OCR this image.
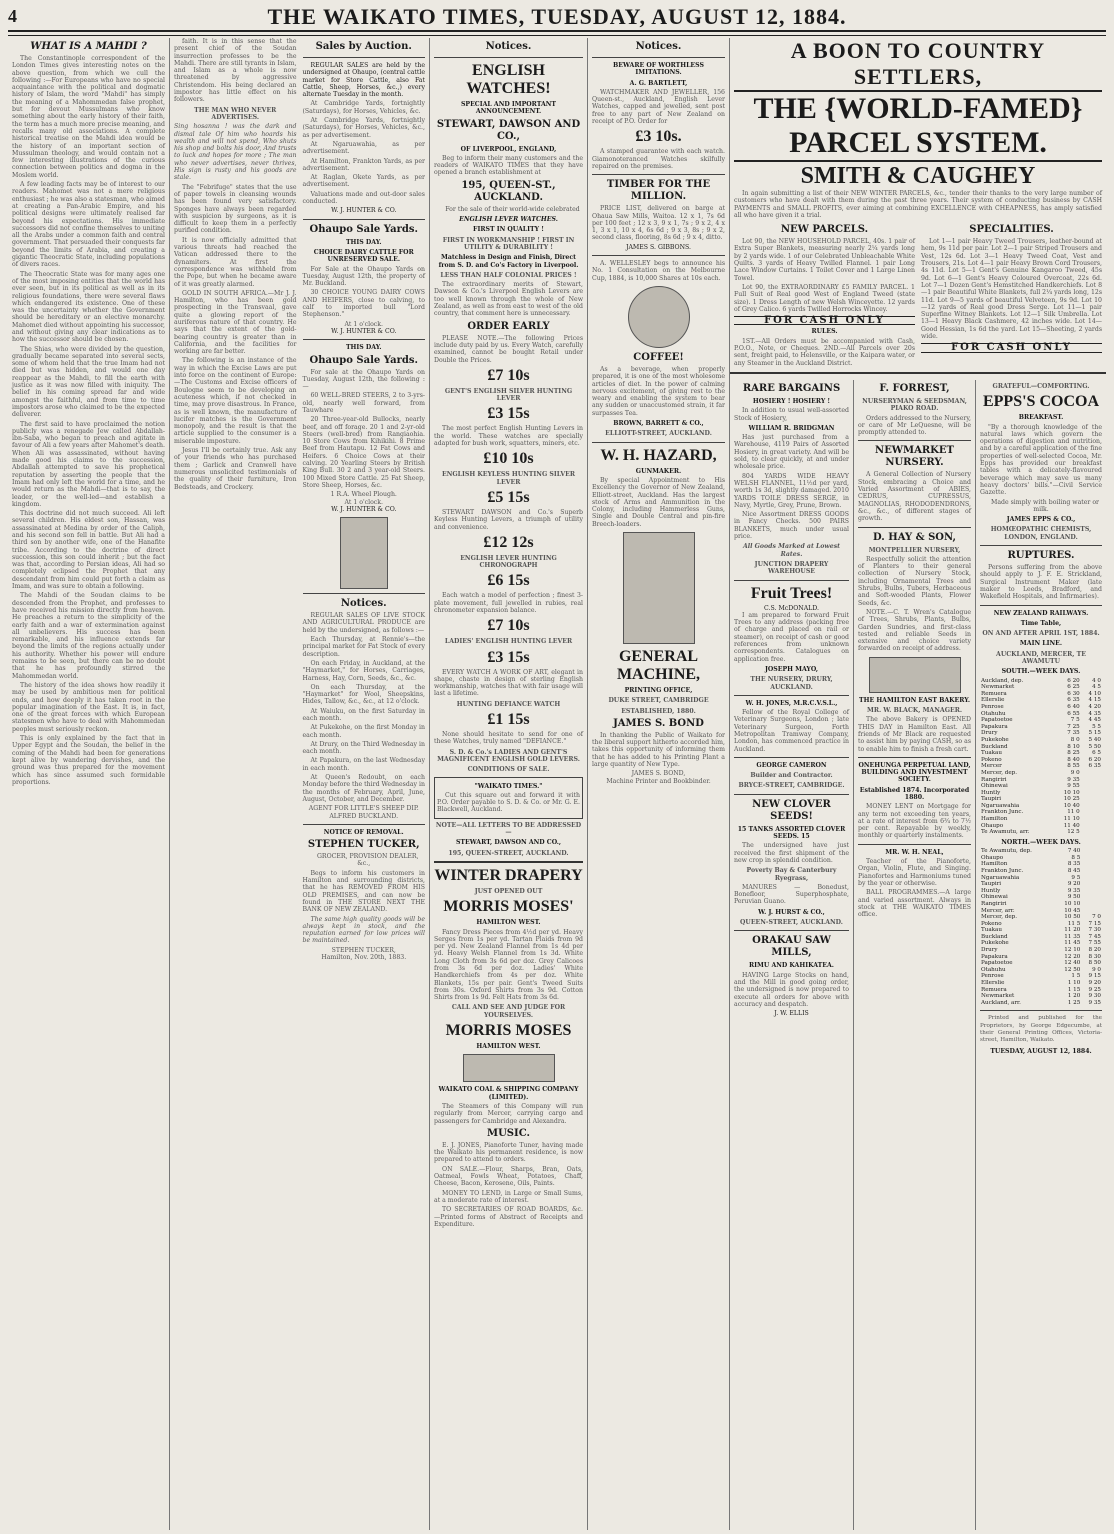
4	THE WAIKATO TIMES, TUESDAY, AUGUST 12, 1884.
WHAT IS A MAHDI ?

The Constantinople correspondent of the London Times gives interesting notes on the above question, from which we cull the following :—For Europeans who have no special acquaintance with the political and dogmatic history of Islam, the word "Mahdi" has simply the meaning of a Mahommedan false prophet, but for devout Mussulmans who know something about the early history of their faith, the term has a much more precise meaning, and recalls many old associations. A complete historical treatise on the Mahdi idea would be the history of an important section of Mussulman theology, and would contain not a few interesting illustrations of the curious connection between politics and dogma in the Moslem world.

A few leading facts may be of interest to our readers. Mahomet was not a mere religious enthusiast ; he was also a statesman, who aimed at creating a Pan-Arabic Empire, and his political designs were ultimately realised far beyond his expectations. His immediate successors did not confine themselves to uniting all the Arabs under a common faith and central government. That persuaded their conquests far beyond the limits of Arabia, and creating a gigantic Theocratic State, including populations of divers races.

The Theocratic State was for many ages one of the most imposing entities that the world has ever seen, but in its political as well as in its religious foundations, there were several flaws which endangered its existence. One of these was the uncertainty whether the Government should be hereditary or an elective monarchy. Mahomet died without appointing his successor, and without giving any clear indications as to how the successor should be chosen.

The Shias, who were divided by the question, gradually became separated into several sects, some of whom held that the true Imam had not died but was hidden, and would one day reappear as the Mahdi, to fill the earth with justice as it was now filled with iniquity. The belief in his coming spread far and wide amongst the faithful, and from time to time impostors arose who claimed to be the expected deliverer.

The first said to have proclaimed the notion publicly was a renegade Jew called Abdallah-ibn-Saba, who began to preach and agitate in favour of Ali a few years after Mahomet's death. When Ali was assassinated, without having made good his claims to the succession, Abdallah attempted to save his prophetical reputation by asserting the people that the Imam had only left the world for a time, and he would return as the Mahdi—that is to say, the leader, or the well-led—and establish a kingdom.

This doctrine did not much succeed. Ali left several children. His eldest son, Hassan, was assassinated at Medina by order of the Caliph, and his second son fell in battle. But Ali had a third son by another wife, one of the Hanafite tribe. According to the doctrine of direct succession, this son could inherit ; but the fact was that, according to Persian ideas, Ali had so completely eclipsed the Prophet that any descendant from him could put forth a claim as Imam, and was sure to obtain a following.

The Mahdi of the Soudan claims to be descended from the Prophet, and professes to have received his mission directly from heaven. He preaches a return to the simplicity of the early faith and a war of extermination against all unbelievers. His success has been remarkable, and his influence extends far beyond the limits of the regions actually under his authority. Whether his power will endure remains to be seen, but there can be no doubt that he has profoundly stirred the Mahommedan world.

The history of the idea shows how readily it may be used by ambitious men for political ends, and how deeply it has taken root in the popular imagination of the East. It is, in fact, one of the great forces with which European statesmen who have to deal with Mahommedan peoples must seriously reckon.

This is only explained by the fact that in Upper Egypt and the Soudan, the belief in the coming of the Mahdi had been for generations kept alive by wandering dervishes, and the ground was thus prepared for the movement which has since assumed such formidable proportions.

faith. It is in this sense that the present chief of the Soudan insurrection professes to be the Mahdi. There are still tyrants in Islam, and Islam as a whole is now threatened by aggressive Christendom. His being declared an impostor has little effect on his followers.

THE MAN WHO NEVER ADVERTISES.

Sing hosanna ! was the dark and dismal tale Of him who hoards his wealth and will not spend, Who shuts his shop and bolts his door, And trusts to luck and hopes for more ; The man who never advertises, never thrives, His sign is rusty and his goods are stale.

The "Febrifuge" states that the use of paper towels in cleansing wounds has been found very satisfactory. Sponges have always been regarded with suspicion by surgeons, as it is difficult to keep them in a perfectly purified condition.

It is now officially admitted that various threats had reached the Vatican addressed there to the dynamiters. At first the correspondence was withheld from the Pope, but when he became aware of it was greatly alarmed.

GOLD IN SOUTH AFRICA.—Mr J. J. Hamilton, who has been gold prospecting in the Transvaal, gave quite a glowing report of the auriferous nature of that country. He says that the extent of the gold-bearing country is greater than in California, and the facilities for working are far better.

The following is an instance of the way in which the Excise Laws are put into force on the continent of Europe:—The Customs and Excise officers of Boulogne seem to be developing an acuteness which, if not checked in time, may prove disastrous. In France, as is well known, the manufacture of lucifer matches is the Government monopoly, and the result is that the article supplied to the consumer is a miserable imposture.

Jesus I'll be certainly true. Ask any of your friends who has purchased them ; Garlick and Cranwell have numerous unsolicited testimonials of the quality of their furniture, Iron Bedsteads, and Crockery.

Sales by Auction.

REGULAR SALES are held by the undersigned at Ohaupo, (central cattle market for Store Cattle, also Fat Cattle, Sheep, Horses, &c.,) every alternate Tuesday in the month.

At Cambridge Yards, fortnightly (Saturdays), for Horses, Vehicles, &c.

At Cambridge Yards, fortnightly (Saturdays), for Horses, Vehicles, &c., as per advertisement.

At Ngaruawahia, as per advertisement.

At Hamilton, Frankton Yards, as per advertisement.

At Raglan, Okete Yards, as per advertisement.

Valuations made and out-door sales conducted.

W. J. HUNTER & CO.
Ohaupo Sale Yards.
THIS DAY.
CHOICE DAIRY CATTLE FOR UNRESERVED SALE.

For Sale at the Ohaupo Yards on Tuesday, August 12th, the property of Mr. Buckland.

30 CHOICE YOUNG DAIRY COWS AND HEIFERS, close to calving, to calf to imported bull "Lord Stephenson."

At 1 o'clock.
W. J. HUNTER & CO.
THIS DAY.
Ohaupo Sale Yards.

For sale at the Ohaupo Yards on Tuesday, August 12th, the following :—

60 WELL-BRED STEERS, 2 to 3-yrs-old, nearly well forward, from Tauwhare

20 Three-year-old Bullocks, nearly beef, and off forage. 20 1 and 2-yr-old Steers (well-bred) from Rangiaohia. 10 Store Cows from Kihikihi. 8 Prime Beef from Hautapu. 12 Fat Cows and Heifers. 6 Choice Cows at their calving. 20 Yearling Steers by British King Bull. 30 2 and 3 year-old Steers. 100 Mixed Store Cattle. 25 Fat Sheep, Store Sheep, Horses, &c.

1 R.A. Wheel Plough.
At 1 o'clock.
W. J. HUNTER & CO.
Notices.

REGULAR SALES OF LIVE STOCK AND AGRICULTURAL PRODUCE are held by the undersigned, as follows :—

Each Thursday, at Rennie's—the principal market for Fat Stock of every description.

On each Friday, in Auckland, at the "Haymarket," for Horses, Carriages, Harness, Hay, Corn, Seeds, &c., &c.

On each Thursday, at the "Haymarket" for Wool, Sheepskins, Hides, Tallow, &c., &c., at 12 o'clock.

At Waiuku, on the first Saturday in each month.

At Pukekohe, on the first Monday in each month.

At Drury, on the Third Wednesday in each month.

At Papakura, on the last Wednesday in each month.

At Queen's Redoubt, on each Monday before the third Wednesday in the months of February, April, June, August, October, and December.

AGENT FOR LITTLE'S SHEEP DIP.
ALFRED BUCKLAND.
NOTICE OF REMOVAL.
STEPHEN TUCKER,

GROCER, PROVISION DEALER, &c.,

Begs to inform his customers in Hamilton and surrounding districts, that he has REMOVED FROM HIS OLD PREMISES, and can now be found in THE STORE NEXT THE BANK OF NEW ZEALAND.

The same high quality goods will be always kept in stock, and the reputation earned for low prices will be maintained.

STEPHEN TUCKER,
Hamilton, Nov. 20th, 1883.
Notices.
ENGLISH WATCHES!
SPECIAL AND IMPORTANT ANNOUNCEMENT.
STEWART, DAWSON AND CO.,
OF LIVERPOOL, ENGLAND,

Beg to inform their many customers and the readers of WAIKATO TIMES that they have opened a branch establishment at

195, QUEEN-ST., AUCKLAND.

For the sale of their world-wide celebrated

ENGLISH LEVER WATCHES.
FIRST IN QUALITY !
FIRST IN WORKMANSHIP ! FIRST IN UTILITY & DURABILITY !
Matchless in Design and Finish, Direct from S. D. and Co's Factory in Liverpool.
LESS THAN HALF COLONIAL PRICES !

The extraordinary merits of Stewart, Dawson & Co.'s Liverpool English Levers are too well known through the whole of New Zealand, as well as from east to west of the old country, that comment here is unnecessary.

ORDER EARLY

PLEASE NOTE.—The following Prices include duty paid by us. Every Watch, carefully examined, cannot be bought Retail under Double the Prices.

£7 10s
GENT'S ENGLISH SILVER HUNTING LEVER
£3 15s

The most perfect English Hunting Levers in the world. These watches are specially adapted for bush work, squatters, miners, etc.

£10 10s
ENGLISH KEYLESS HUNTING SILVER LEVER
£5 15s

STEWART DAWSON and Co.'s Superb Keyless Hunting Levers, a triumph of utility and convenience.

£12 12s
ENGLISH LEVER HUNTING CHRONOGRAPH
£6 15s

Each watch a model of perfection ; finest 3-plate movement, full jewelled in rubies, real chronometer expansion balance.

£7 10s
LADIES' ENGLISH HUNTING LEVER
£3 15s

EVERY WATCH A WORK OF ART, elegant in shape, chaste in design of sterling English workmanship, watches that with fair usage will last a lifetime.

HUNTING DEFIANCE WATCH
£1 15s

None should hesitate to send for one of these Watches, truly named "DEFIANCE."

S. D. & Co.'s LADIES AND GENT'S MAGNIFICENT ENGLISH GOLD LEVERS.
CONDITIONS OF SALE.
"WAIKATO TIMES."

Cut this square out and forward it with P.O. Order payable to S. D. & Co. or Mr. G. E. Blackwell, Auckland.

NOTE—ALL LETTERS TO BE ADDRESSED—
STEWART, DAWSON AND CO.,
195, QUEEN-STREET, AUCKLAND.
WINTER DRAPERY
JUST OPENED OUT
MORRIS MOSES'
HAMILTON WEST.

Fancy Dress Pieces from 4½d per yd. Heavy Serges from 1s per yd. Tartan Plaids from 9d per yd. New Zealand Flannel from 1s 4d per yd. Heavy Welsh Flannel from 1s 3d. White Long Cloth from 3s 6d per doz. Grey Calicoes from 3s 6d per doz. Ladies' White Handkerchiefs from 4s per doz. White Blankets, 15s per pair. Gent's Tweed Suits from 30s. Oxford Shirts from 3s 9d. Cotton Shirts from 1s 9d. Felt Hats from 3s 6d.

CALL AND SEE AND JUDGE FOR YOURSELVES.
MORRIS MOSES
HAMILTON WEST.
WAIKATO COAL & SHIPPING COMPANY (LIMITED).

The Steamers of this Company will run regularly from Mercer, carrying cargo and passengers for Cambridge and Alexandra.

MUSIC.

E. J. JONES, Pianoforte Tuner, having made the Waikato his permanent residence, is now prepared to attend to orders.

ON SALE.—Flour, Sharps, Bran, Oats, Oatmeal, Fowls Wheat, Potatoes, Chaff, Cheese, Bacon, Kerosene, Oils, Paints.

MONEY TO LEND, in Large or Small Sums, at a moderate rate of interest.

TO SECRETARIES OF ROAD BOARDS, &c.—Printed forms of Abstract of Receipts and Expenditure.

Notices.
BEWARE OF WORTHLESS IMITATIONS.
A. G. BARTLETT,

WATCHMAKER AND JEWELLER, 156 Queen-st., Auckland, English Lever Watches, capped and jewelled, sent post free to any part of New Zealand on receipt of P.O. Order for

£3 10s.

A stamped guarantee with each watch. Giamonoteranced Watches skilfully repaired on the premises.

TIMBER FOR THE MILLION.

PRICE LIST, delivered on barge at Ohaua Saw Mills, Waitoa. 12 x 1, 7s 6d per 100 feet ; 12 x 3, 9 x 1, 7s ; 9 x 2, 4 x 1, 3 x 1, 10 x 4, 6s 6d ; 9 x 3, 8s ; 9 x 2, second class, flooring, 8s 6d ; 9 x 4, ditto.

JAMES S. GIBBONS.

A. WELLESLEY begs to announce his No. 1 Consultation on the Melbourne Cup, 1884, is 10,000 Shares at 10s each.

COFFEE!

As a beverage, when properly prepared, it is one of the most wholesome articles of diet. In the power of calming nervous excitement, of giving rest to the weary and enabling the system to bear any sudden or unaccustomed strain, it far surpasses Tea.

BROWN, BARRETT & CO.,
ELLIOTT-STREET, AUCKLAND.
W. H. HAZARD,
GUNMAKER.

By special Appointment to His Excellency the Governor of New Zealand, Elliott-street, Auckland. Has the largest stock of Arms and Ammunition in the Colony, including Hammerless Guns, Single and Double Central and pin-fire Breech-loaders.

GENERAL MACHINE,
PRINTING OFFICE,
DUKE STREET, CAMBRIDGE
ESTABLISHED, 1880.
JAMES S. BOND

In thanking the Public of Waikato for the liberal support hitherto accorded him, takes this opportunity of informing them that he has added to his Printing Plant a large quantity of New Type.

JAMES S. BOND,
Machine Printer and Bookbinder.
A BOON TO COUNTRY SETTLERS,
THE {WORLD-FAMED} PARCEL SYSTEM.
SMITH & CAUGHEY

In again submitting a list of their NEW WINTER PARCELS, &c., tender their thanks to the very large number of customers who have dealt with them during the past three years. Their system of conducting business by CASH PAYMENTS and SMALL PROFITS, ever aiming at combining EXCELLENCE with CHEAPNESS, has amply satisfied all who have given it a trial.

NEW PARCELS.

Lot 90, the NEW HOUSEHOLD PARCEL, 40s. 1 pair of Extra Super Blankets, measuring nearly 2¼ yards long by 2 yards wide. 1 of our Celebrated Unbleachable White Quilts. 3 yards of Heavy Twilled Flannel. 1 pair Long Lace Window Curtains. 1 Toilet Cover and 1 Large Linen Towel.

Lot 90, the EXTRAORDINARY £5 FAMILY PARCEL. 1 Full Suit of Real good West of England Tweed (state size). 1 Dress Length of new Welsh Winceyette. 12 yards of Grey Calico. 6 yards Twilled Horrocks Wincey.

FOR CASH ONLY
RULES.

1ST.—All Orders must be accompanied with Cash, P.O.O., Note, or Cheques. 2ND.—All Parcels over 20s sent, freight paid, to Helensville, or the Kaipara water, or any Steamer in the Auckland District.

SPECIALITIES.

Lot 1—1 pair Heavy Tweed Trousers, leather-bound at hem, 9s 11d per pair. Lot 2—1 pair Striped Trousers and Vest, 12s 6d. Lot 3—1 Heavy Tweed Coat, Vest and Trousers, 21s. Lot 4—1 pair Heavy Brown Cord Trousers, 4s 11d. Lot 5—1 Gent's Genuine Kangaroo Tweed, 45s 9d. Lot 6—1 Gent's Heavy Coloured Overcoat, 22s 6d. Lot 7—1 Dozen Gent's Hemstitched Handkerchiefs. Lot 8—1 pair Beautiful White Blankets, full 2¼ yards long, 12s 11d. Lot 9—5 yards of beautiful Velveteen, 9s 9d. Lot 10—12 yards of Real good Dress Serge. Lot 11—1 pair Superfine Witney Blankets. Lot 12—1 Silk Umbrella. Lot 13—1 Heavy Black Cashmere, 42 inches wide. Lot 14—Good Hessian, 1s 6d the yard. Lot 15—Sheeting, 2 yards wide.

FOR CASH ONLY
RARE BARGAINS
HOSIERY ! HOSIERY !

In addition to usual well-assorted Stock of Hosiery,

WILLIAM R. BRIDGMAN

Has just purchased from a Warehouse, 4119 Pairs of Assorted Hosiery, in great variety. And will be sold, to clear quickly, at and under wholesale price.

804 YARDS WIDE HEAVY WELSH FLANNEL, 11½d per yard, worth 1s 3d, slightly damaged. 2010 YARDS TOILE DRESS SERGE, in Navy, Myrtle, Grey, Prune, Brown.

Nice Assortment DRESS GOODS in Fancy Checks. 500 PAIRS BLANKETS, much under usual price.

All Goods Marked at Lowest Rates.
JUNCTION DRAPERY WAREHOUSE
Fruit Trees!
C.S. McDONALD.

I am prepared to forward Fruit Trees to any address (packing free of charge and placed on rail or steamer), on receipt of cash or good references from unknown correspondents. Catalogues on application free.

JOSEPH MAYO,
THE NURSERY, DRURY, AUCKLAND.
W. H. JONES, M.R.C.V.S.L.,

Fellow of the Royal College of Veterinary Surgeons, London ; late Veterinary Surgeon, Forth Metropolitan Tramway Company, London, has commenced practice in Auckland.

GEORGE CAMERON
Builder and Contractor.
BRYCE-STREET, CAMBRIDGE.
NEW CLOVER SEEDS!
15 TANKS ASSORTED CLOVER SEEDS. 15

The undersigned have just received the first shipment of the new crop in splendid condition.

Poverty Bay & Canterbury Ryegrass,

MANURES — Bonedust, Bonefloor, Superphosphate, Peruvian Guano.

W. J. HURST & CO.,
QUEEN-STREET, AUCKLAND.
ORAKAU SAW MILLS,
RIMU AND KAHIKATEA.

HAVING Large Stocks on hand, and the Mill in good going order, the undersigned is now prepared to execute all orders for above with accuracy and despatch.

J. W. ELLIS
F. FORREST,
NURSERYMAN & SEEDSMAN, PIAKO ROAD.

Orders addressed to the Nursery, or care of Mr LeQuesne, will be promptly attended to.

NEWMARKET NURSERY.

A General Collection of Nursery Stock, embracing a Choice and Varied Assortment of ABIES, CEDRUS, CUPRESSUS, MAGNOLIAS, RHODODENDRONS, &c., &c., of different stages of growth.

D. HAY & SON,
MONTPELLIER NURSERY,

Respectfully solicit the attention of Planters to their general collection of Nursery Stock, including Ornamental Trees and Shrubs, Bulbs, Tubers, Herbaceous and Soft-wooded Plants, Flower Seeds, &c.

NOTE.—C. T. Wren's Catalogue of Trees, Shrubs, Plants, Bulbs, Garden Sundries, and first-class tested and reliable Seeds in extensive and choice variety forwarded on receipt of address.

THE HAMILTON EAST BAKERY.
MR. W. BLACK, MANAGER.

The above Bakery is OPENED THIS DAY in Hamilton East. All friends of Mr Black are requested to assist him by paying CASH, so as to enable him to finish a fresh cart.

ONEHUNGA PERPETUAL LAND, BUILDING AND INVESTMENT SOCIETY.
Established 1874. Incorporated 1880.

MONEY LENT on Mortgage for any term not exceeding ten years, at a rate of interest from 6¾ to 7½ per cent. Repayable by weekly, monthly or quarterly instalments.

MR. W. H. NEAL,

Teacher of the Pianoforte, Organ, Violin, Flute, and Singing. Pianofortes and Harmoniums tuned by the year or otherwise.

BALL PROGRAMMES.—A large and varied assortment. Always in stock at THE WAIKATO TIMES office.

GRATEFUL—COMFORTING.
EPPS'S COCOA
BREAKFAST.

"By a thorough knowledge of the natural laws which govern the operations of digestion and nutrition, and by a careful application of the fine properties of well-selected Cocoa, Mr. Epps has provided our breakfast tables with a delicately-flavoured beverage which may save us many heavy doctors' bills."—Civil Service Gazette.

Made simply with boiling water or milk.

JAMES EPPS & CO.,
HOMŒOPATHIC CHEMISTS, LONDON, ENGLAND.
RUPTURES.

Persons suffering from the above should apply to J. F. E. Strickland, Surgical Instrument Maker (late maker to Leeds, Bradford, and Wakefield Hospitals, and Infirmaries).

NEW ZEALAND RAILWAYS.
Time Table,
ON AND AFTER APRIL 1ST, 1884.
MAIN LINE.
AUCKLAND, MERCER, TE AWAMUTU
SOUTH.—WEEK DAYS.
Auckland, dep.	6 20	4 0
Newmarket	6 25	4 5
Remuera	6 30	4 10
Ellerslie	6 35	4 15
Penrose	6 40	4 20
Otahuhu	6 55	4 35
Papatoetoe	7 5	4 45
Papakura	7 25	5 5
Drury	7 35	5 15
Pukekohe	8 0	5 40
Buckland	8 10	5 50
Tuakau	8 25	6 5
Pokeno	8 40	6 20
Mercer	8 55	6 35
Mercer, dep.	9 0	
Rangiriri	9 35	
Ohinewai	9 55	
Huntly	10 10	
Taupiri	10 25	
Ngaruawahia	10 40	
Frankton Junc.	11 0	
Hamilton	11 10	
Ohaupo	11 40	
Te Awamutu, arr.	12 5	
NORTH.—WEEK DAYS.
Te Awamutu, dep.	7 40	
Ohaupo	8 5	
Hamilton	8 35	
Frankton Junc.	8 45	
Ngaruawahia	9 5	
Taupiri	9 20	
Huntly	9 35	
Ohinewai	9 50	
Rangiriri	10 10	
Mercer, arr.	10 45	
Mercer, dep.	10 50	7 0
Pokeno	11 5	7 15
Tuakau	11 20	7 30
Buckland	11 35	7 45
Pukekohe	11 45	7 55
Drury	12 10	8 20
Papakura	12 20	8 30
Papatoetoe	12 40	8 50
Otahuhu	12 50	9 0
Penrose	1 5	9 15
Ellerslie	1 10	9 20
Remuera	1 15	9 25
Newmarket	1 20	9 30
Auckland, arr.	1 25	9 35

Printed and published for the Proprietors, by George Edgecumbe, at their General Printing Offices, Victoria-street, Hamilton, Waikato.

TUESDAY, AUGUST 12, 1884.
